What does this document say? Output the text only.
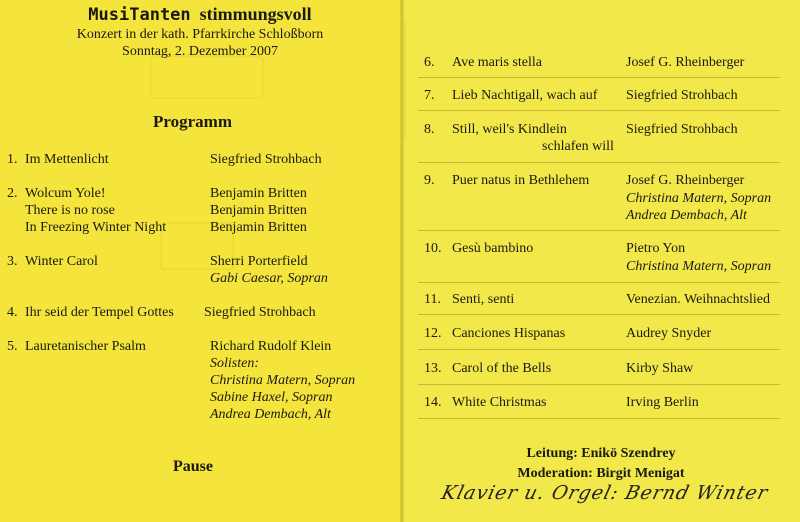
MusiTanten stimmungsvoll
Konzert in der kath. Pfarrkirche Schloßborn
Sonntag, 2. Dezember 2007
Programm
1. Im Mettenlicht	Siegfried Strohbach
2. Wolcum Yole!	Benjamin Britten
There is no rose	Benjamin Britten
In Freezing Winter Night	Benjamin Britten
3. Winter Carol	Sherri Porterfield
Gabi Caesar, Sopran
4. Ihr seid der Tempel Gottes Siegfried Strohbach
5. Lauretanischer Psalm	Richard Rudolf Klein
Solisten:
Christina Matern, Sopran
Sabine Haxel, Sopran
Andrea Dembach, Alt
Pause
6. Ave maris stella	Josef G. Rheinberger
7. Lieb Nachtigall, wach auf Siegfried Strohbach
8. Still, weil's Kindlein	Siegfried Strohbach
schlafen will
9. Puer natus in Bethlehem	Josef G. Rheinberger
Christina Matern, Sopran
Andrea Dembach, Alt
10. Gesù bambino	Pietro Yon
Christina Matern, Sopran
11. Senti, senti	Venezian. Weihnachtslied
12. Canciones Hispanas	Audrey Snyder
13. Carol of the Bells	Kirby Shaw
14. White Christmas	Irving Berlin
Leitung: Enikö Szendrey
Moderation: Birgit Menigat
Klavier u. Orgel: Bernd Winter
